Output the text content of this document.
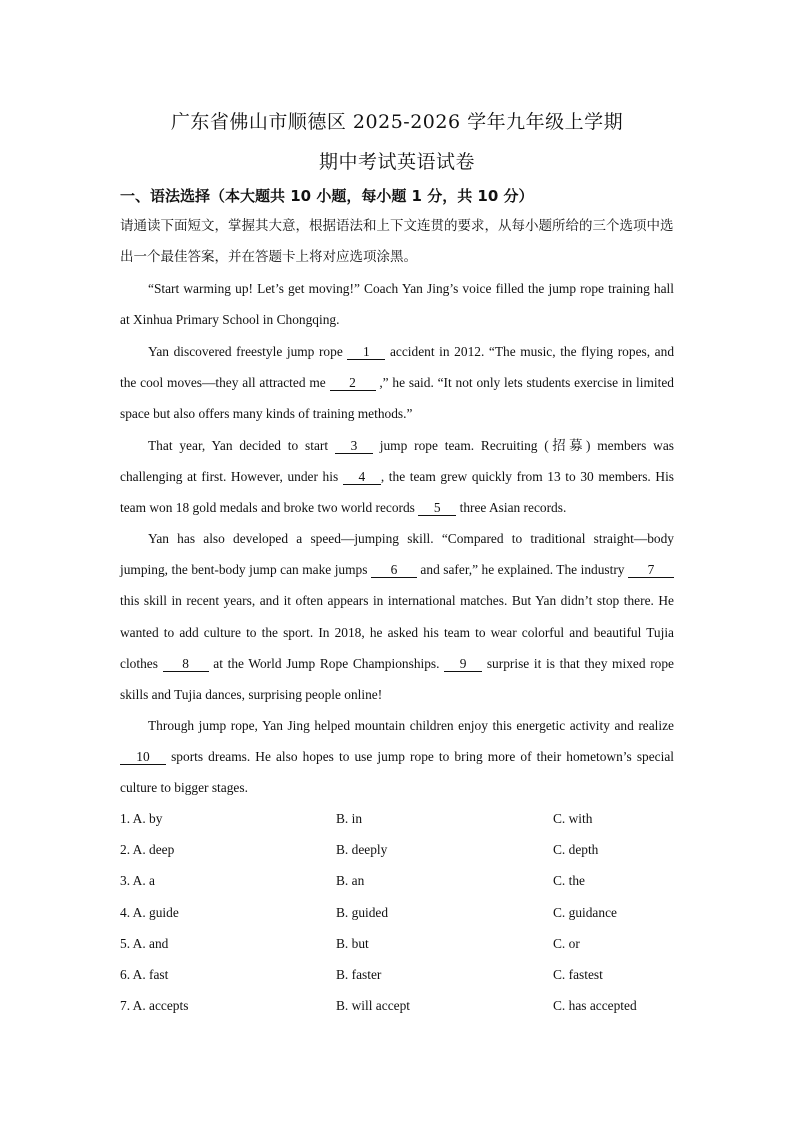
广东省佛山市顺德区 2025-2026 学年九年级上学期
期中考试英语试卷
一、语法选择（本大题共 10 小题，每小题 1 分，共 10 分）
请通读下面短文，掌握其大意，根据语法和上下文连贯的要求，从每小题所给的三个选项中选出一个最佳答案，并在答题卡上将对应选项涂黑。

“Start warming up! Let’s get moving!” Coach Yan Jing’s voice filled the jump rope training hall at Xinhua Primary School in Chongqing.

Yan discovered freestyle jump rope 1 accident in 2012. “The music, the flying ropes, and the cool moves—they all attracted me 2 ,” he said. “It not only lets students exercise in limited space but also offers many kinds of training methods.”

That year, Yan decided to start 3 jump rope team. Recruiting (招募) members was challenging at first. However, under his 4 , the team grew quickly from 13 to 30 members. His team won 18 gold medals and broke two world records 5 three Asian records.

Yan has also developed a speed—jumping skill. “Compared to traditional straight—body jumping, the bent-body jump can make jumps 6 and safer,” he explained. The industry 7 this skill in recent years, and it often appears in international matches. But Yan didn’t stop there. He wanted to add culture to the sport. In 2018, he asked his team to wear colorful and beautiful Tujia clothes 8 at the World Jump Rope Championships. 9 surprise it is that they mixed rope skills and Tujia dances, surprising people online!

Through jump rope, Yan Jing helped mountain children enjoy this energetic activity and realize 10 sports dreams. He also hopes to use jump rope to bring more of their hometown’s special culture to bigger stages.

1. A. by	B. in	C. with
2. A. deep	B. deeply	C. depth
3. A. a	B. an	C. the
4. A. guide	B. guided	C. guidance
5. A. and	B. but	C. or
6. A. fast	B. faster	C. fastest
7. A. accepts	B. will accept	C. has accepted
